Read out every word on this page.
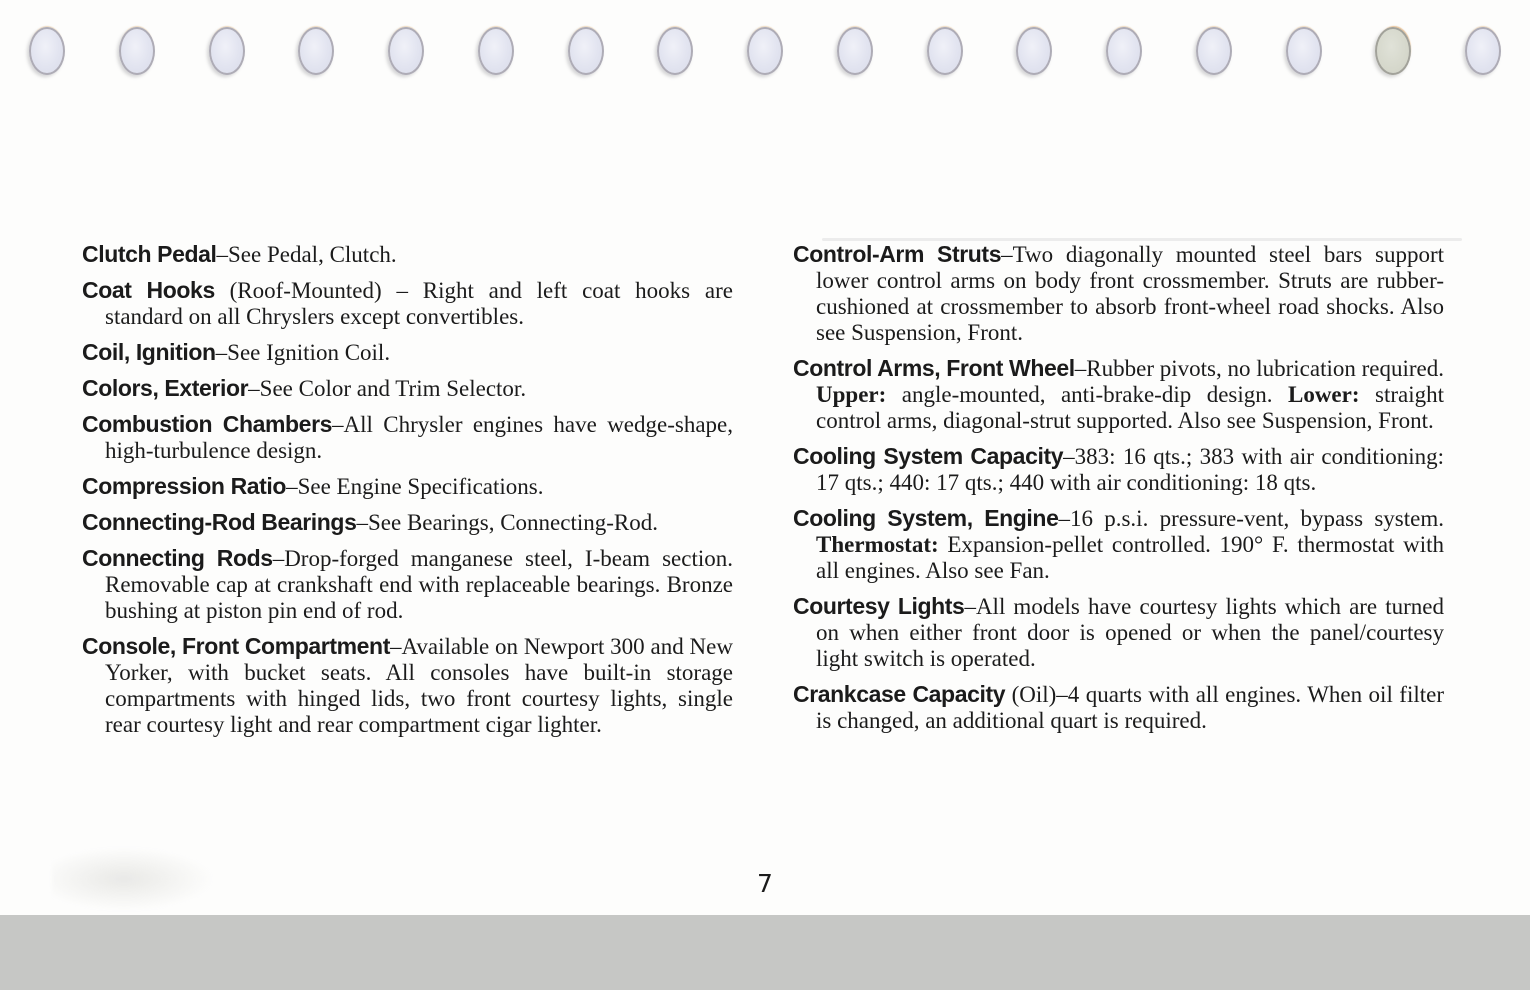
Clutch Pedal–See Pedal, Clutch.

Coat Hooks (Roof-Mounted) – Right and left coat hooks are standard on all Chryslers except convertibles.

Coil, Ignition–See Ignition Coil.

Colors, Exterior–See Color and Trim Selector.

Combustion Chambers–All Chrysler engines have wedge-shape, high-turbulence design.

Compression Ratio–See Engine Specifications.

Connecting-Rod Bearings–See Bearings, Connecting-Rod.

Connecting Rods–Drop-forged manganese steel, I-beam section. Removable cap at crankshaft end with replaceable bearings. Bronze bushing at piston pin end of rod.

Console, Front Compartment–Available on Newport 300 and New Yorker, with bucket seats. All consoles have built-in storage compartments with hinged lids, two front courtesy lights, single rear courtesy light and rear compartment cigar lighter.

Control-Arm Struts–Two diagonally mounted steel bars support lower control arms on body front crossmember. Struts are rubber-cushioned at crossmember to absorb front-wheel road shocks. Also see Suspension, Front.

Control Arms, Front Wheel–Rubber pivots, no lubrication required. Upper: angle-mounted, anti-brake-dip design. Lower: straight control arms, diagonal-strut supported. Also see Suspension, Front.

Cooling System Capacity–383: 16 qts.; 383 with air conditioning: 17 qts.; 440: 17 qts.; 440 with air conditioning: 18 qts.

Cooling System, Engine–16 p.s.i. pressure-vent, bypass system. Thermostat: Expansion-pellet controlled. 190° F. thermostat with all engines. Also see Fan.

Courtesy Lights–All models have courtesy lights which are turned on when either front door is opened or when the panel/courtesy light switch is operated.

Crankcase Capacity (Oil)–4 quarts with all engines. When oil filter is changed, an additional quart is required.

7
